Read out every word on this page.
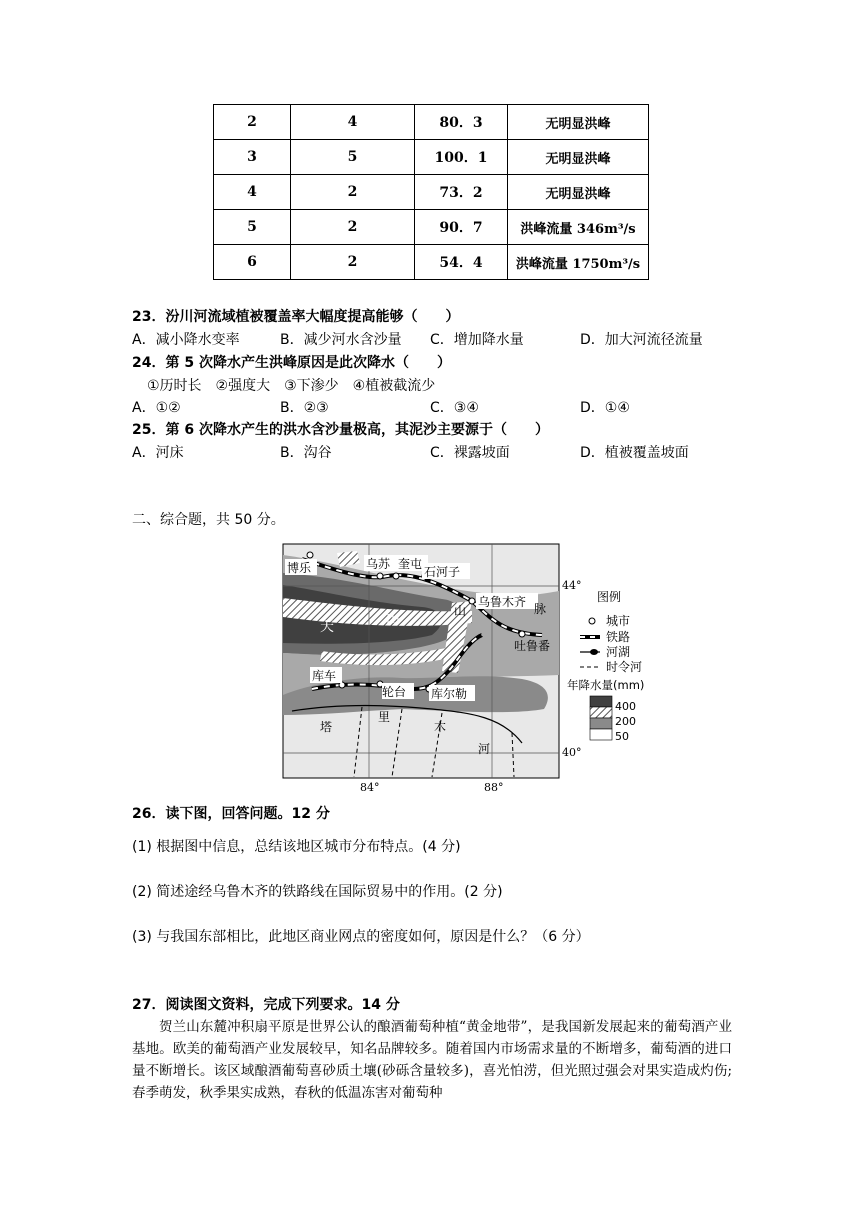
2	4	80．3	无明显洪峰
3	5	100．1	无明显洪峰
4	2	73．2	无明显洪峰
5	2	90．7	洪峰流量 346m³/s
6	2	54．4	洪峰流量 1750m³/s
23．汾川河流域植被覆盖率大幅度提高能够（　　）
A．减小降水变率	B．减少河水含沙量 C．增加降水量	D．加大河流径流量
24．第 5 次降水产生洪峰原因是此次降水（　　）
①历时长　②强度大　③下渗少　④植被截流少
A．①②	B．②③	C．③④	D．①④
25．第 6 次降水产生的洪水含沙量极高，其泥沙主要源于（　　）
A．河床	B．沟谷	C．裸露坡面	D．植被覆盖坡面
二、综合题，共 50 分。
博乐	乌苏 奎屯
石河子
乌鲁木齐
吐鲁番
库车
轮台 库尔勒
天	山	山	脉
塔
里
木
河
44°
40°
84°	88°
图例
城市
铁路
河湖
时令河
年降水量(mm)
400
200
50
26．读下图，回答问题。12 分
(1) 根据图中信息，总结该地区城市分布特点。(4 分)
(2) 简述途经乌鲁木齐的铁路线在国际贸易中的作用。(2 分)
(3) 与我国东部相比，此地区商业网点的密度如何，原因是什么？（6 分）
27．阅读图文资料，完成下列要求。14 分
贺兰山东麓冲积扇平原是世界公认的酿酒葡萄种植“黄金地带”，是我国新发展起来的葡萄酒产业基地。欧美的葡萄酒产业发展较早，知名品牌较多。随着国内市场需求量的不断增多，葡萄酒的进口量不断增长。该区域酿酒葡萄喜砂质土壤(砂砾含量较多)，喜光怕涝，但光照过强会对果实造成灼伤;春季萌发，秋季果实成熟，春秋的低温冻害对葡萄种
